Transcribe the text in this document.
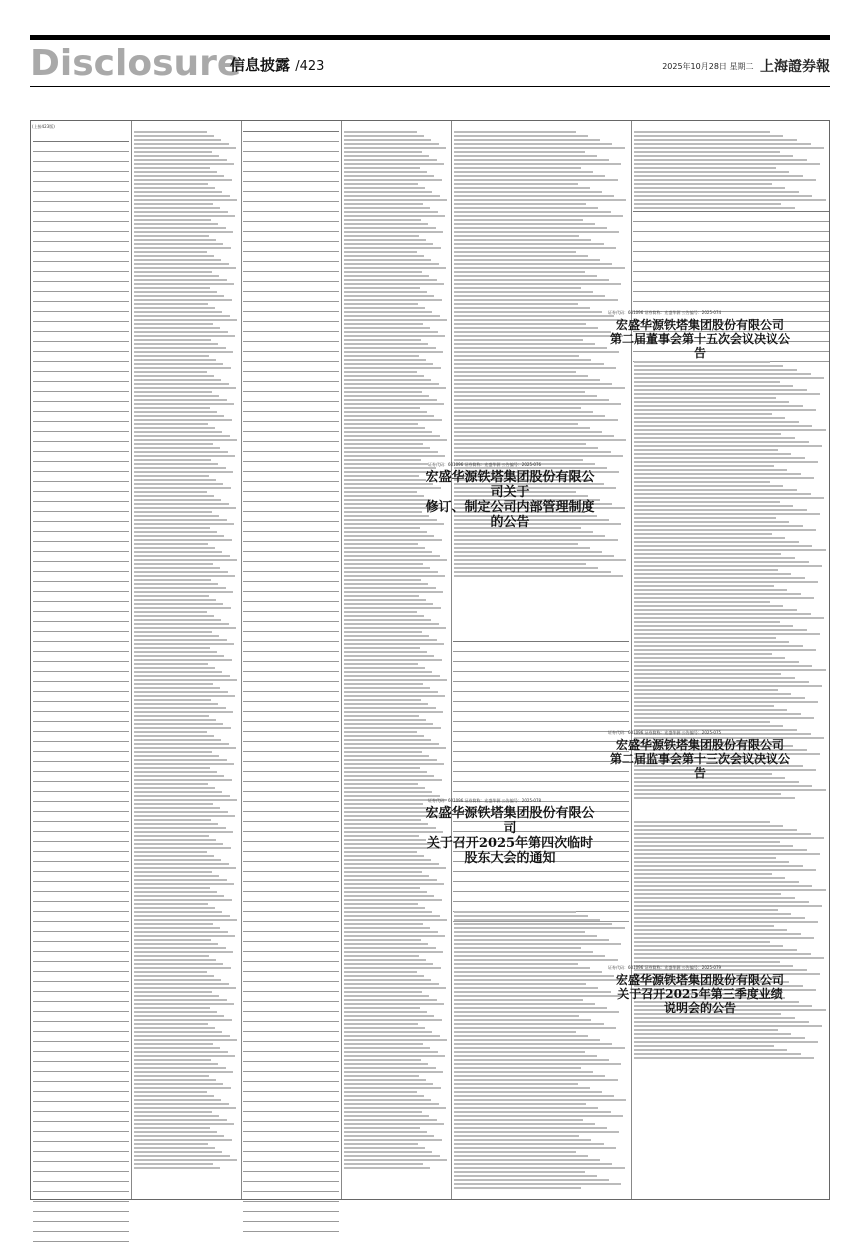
Disclosure
信息披露 /423	2025年10月28日 星期二 上海證券報
(上接423版)
证券代码：601096 证券简称：宏盛华源 公告编号：2025-076
宏盛华源铁塔集团股份有限公司关于
修订、制定公司内部管理制度的公告
证券代码：601096 证券简称：宏盛华源 公告编号：2025-078
宏盛华源铁塔集团股份有限公司
关于召开2025年第四次临时
股东大会的通知
证券代码：601096 证券简称：宏盛华源 公告编号：2025-074
宏盛华源铁塔集团股份有限公司
第二届董事会第十五次会议决议公告
证券代码：601096 证券简称：宏盛华源 公告编号：2025-075
宏盛华源铁塔集团股份有限公司
第二届监事会第十三次会议决议公告
证券代码：601096 证券简称：宏盛华源 公告编号：2025-079
宏盛华源铁塔集团股份有限公司
关于召开2025年第三季度业绩
说明会的公告
